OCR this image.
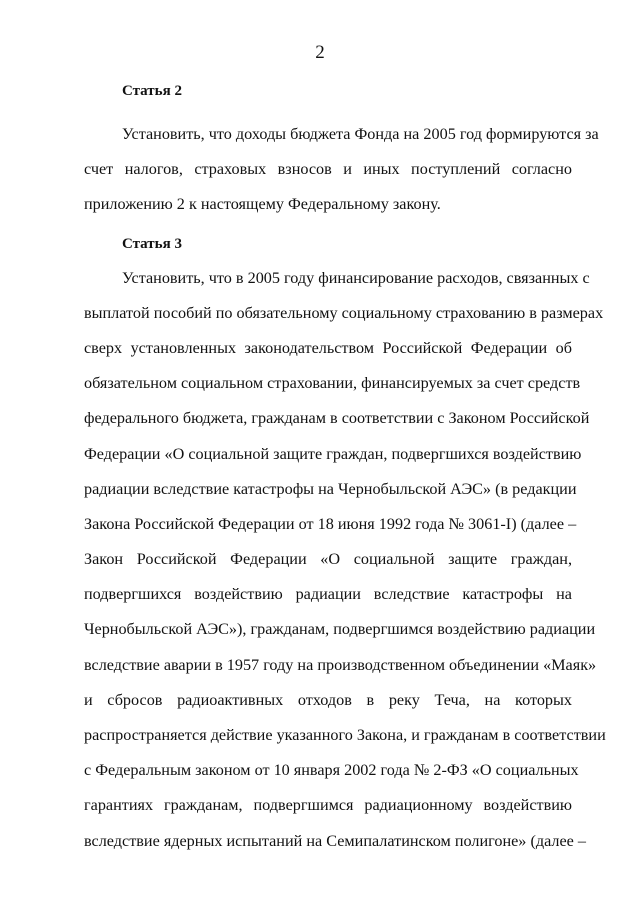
2
Статья 2
Установить, что доходы бюджета Фонда на 2005 год формируются за
счет налогов, страховых взносов и иных поступлений согласно
приложению 2 к настоящему Федеральному закону.
Статья 3
Установить, что в 2005 году финансирование расходов, связанных с
выплатой пособий по обязательному социальному страхованию в размерах
сверх установленных законодательством Российской Федерации об
обязательном социальном страховании, финансируемых за счет средств
федерального бюджета, гражданам в соответствии с Законом Российской
Федерации «О социальной защите граждан, подвергшихся воздействию
радиации вследствие катастрофы на Чернобыльской АЭС» (в редакции
Закона Российской Федерации от 18 июня 1992 года № 3061-I) (далее –
Закон Российской Федерации «О социальной защите граждан,
подвергшихся воздействию радиации вследствие катастрофы на
Чернобыльской АЭС»), гражданам, подвергшимся воздействию радиации
вследствие аварии в 1957 году на производственном объединении «Маяк»
и сбросов радиоактивных отходов в реку Теча, на которых
распространяется действие указанного Закона, и гражданам в соответствии
с Федеральным законом от 10 января 2002 года № 2-ФЗ «О социальных
гарантиях гражданам, подвергшимся радиационному воздействию
вследствие ядерных испытаний на Семипалатинском полигоне» (далее –
